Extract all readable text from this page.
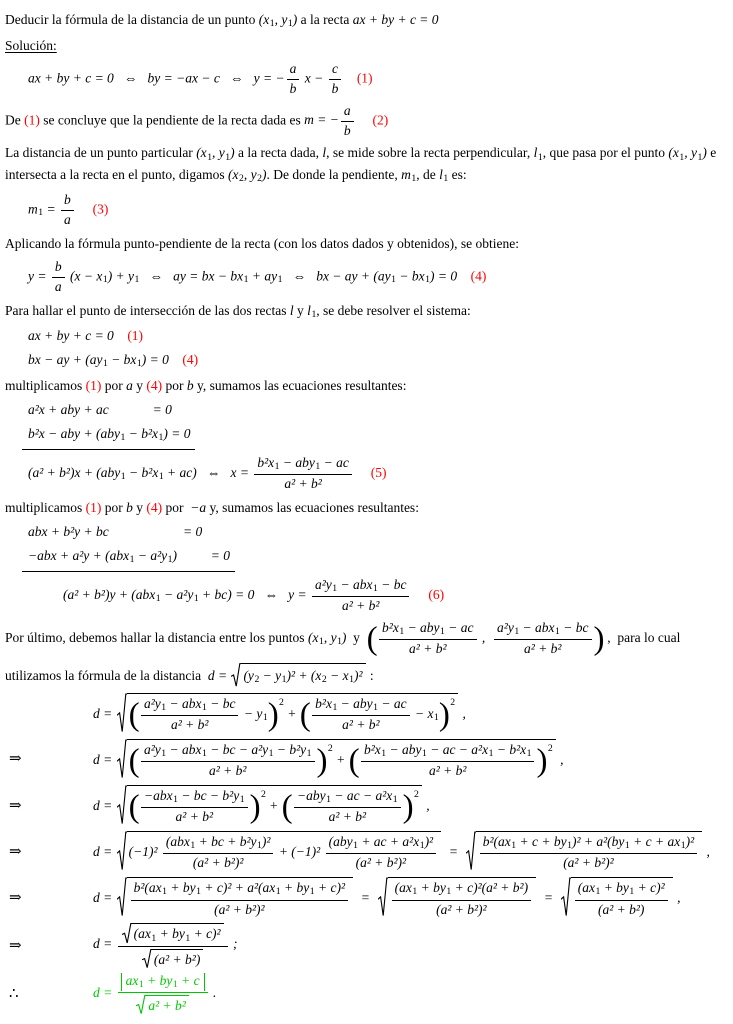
Deducir la fórmula de la distancia de un punto (x1, y1) a la recta ax + by + c = 0
Solución:
ax + by + c = 0   ⇔   by = −ax − c   ⇔   y = − $\frac{a}{b}$ $x - \frac{c}{b} (1)$
De (1) se concluye que la pendiente de la recta dada es m = − $\frac{a}{b} (2)$
La distancia de un punto particular (x1, y1) a la recta dada, l, se mide sobre la recta perpendicular, l1, que pasa por el punto (x1, y1) e intersecta a la recta en el punto, digamos (x2, y2). De donde la pendiente, m1, de l1 es:
$m1 = \frac{b}{a} (3)$
Aplicando la fórmula punto-pendiente de la recta (con los datos dados y obtenidos), se obtiene:
$y = \frac{b}{a} (x - x1) + y1$   ⇔   ay = bx − bx1 + ay1   ⇔   bx − ay + (ay1 − bx1) = 0    (4)
Para hallar el punto de intersección de las dos rectas l y l1, se debe resolver el sistema:
ax + by + c = 0    (1)
bx − ay + (ay1 − bx1) = 0    (4)
multiplicamos (1) por a y (4) por b y, sumamos las ecuaciones resultantes:
a²x + aby + ac             = 0
b²x − aby + (aby1 − b²x1) = 0
(a² + b²)x + (aby1 − b²x1 + ac)   ⇔   $x = \frac{\text{b²x1 − aby1 − ac}}{\text{a² + b²}} (5)$
multiplicamos (1) por b y (4) por  −a y, sumamos las ecuaciones resultantes:
abx + b²y + bc                      = 0
−abx + a²y + (abx1 − a²y1)          = 0
(a² + b²)y + (abx1 − a²y1 + bc) = 0   ⇔   $y = \frac{\text{a²y1 − abx1 − bc}}{\text{a² + b²}} (6)$
Por último, debemos hallar la distancia entre los puntos (x1, y1)  y  ( $\frac{\text{b²x1 − aby1 − ac}}{\text{a² + b²}}$ , $\frac{\text{a²y1 − abx1 − bc}}{\text{a² + b²}}$ ) ,  para lo cual
utilizamos la fórmula de la distancia  d =
(y2 − y1)² + (x2 − x1)² :
d =
( $\frac{\text{a²y1 − abx1 − bc}}{\text{a² + b²}} - y1)^2$ + ( $\frac{\text{b²x1 − aby1 − ac}}{\text{a² + b²}} - x1)^2$ ,
⇒	d =
( $\frac{\text{a²y1 − abx1 − bc − a²y1 − b²y1}}{\text{a² + b²}} )^2$ + ( $\frac{\text{b²x1 − aby1 − ac − a²x1 − b²x1}}{\text{a² + b²}} )^2$ ,
⇒	d =
( $\frac{\text{−abx1 − bc − b²y1}}{\text{a² + b²}} )^2$ + ( $\frac{\text{−aby1 − ac − a²x1}}{\text{a² + b²}} )^2$ ,
⇒	d =
$(-1)^2 \frac{\text{(abx1 + bc + b²y1)²}}{\text{(a² + b²)²}} + (-1)^2 \frac{\text{(aby1 + ac + a²x1)²}}{\text{(a² + b²)²}} = \frac{\text{b²(ax1 + c + by1)² + a²(by1 + c + ax1)²}}{\text{(a² + b²)²}}$ ,
⇒	$d = \frac{\text{b²(ax1 + by1 + c)² + a²(ax1 + by1 + c)²}}{\text{(a² + b²)²}} = \frac{\text{(ax1 + by1 + c)²(a² + b²)}}{\text{(a² + b²)²}} = \frac{\text{(ax1 + by1 + c)²}}{\text{(a² + b²)}}$ ,
⇒	$d = \frac{\text{(ax1 + by1 + c)²}}{\text{(a² + b²)}}$ ;
∴	$d = \frac{ax1 + by1 + c}{\text{a² + b²}}$ .
